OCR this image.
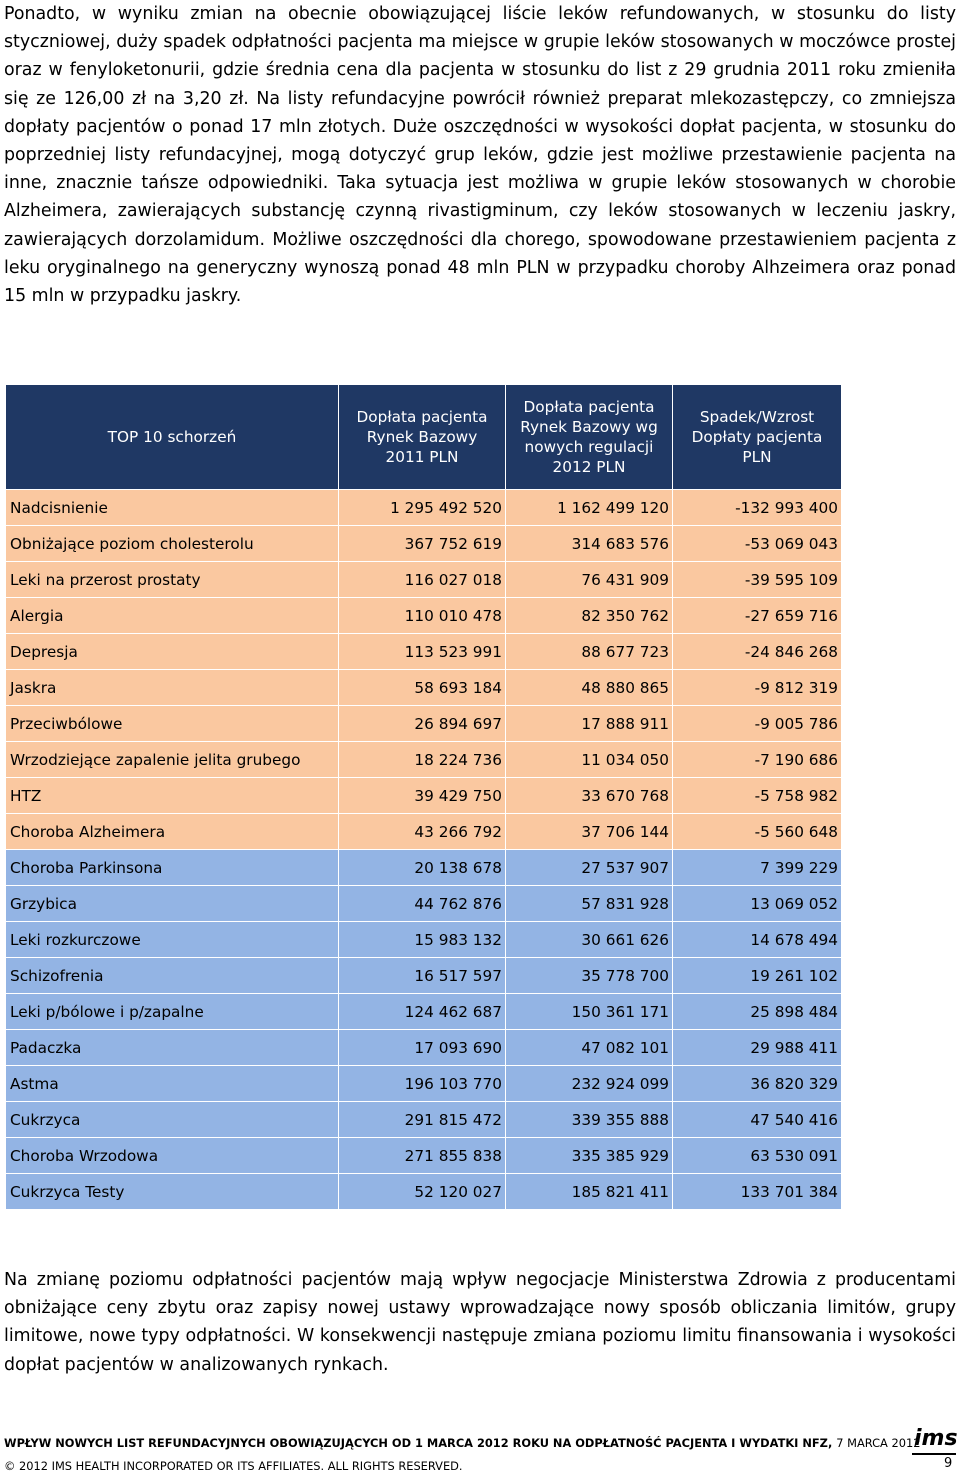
Ponadto, w wyniku zmian na obecnie obowiązującej liście leków refundowanych, w stosunku do listy styczniowej, duży spadek odpłatności pacjenta ma miejsce w grupie leków stosowanych w moczówce prostej oraz w fenyloketonurii, gdzie średnia cena dla pacjenta w stosunku do list z 29 grudnia 2011 roku zmieniła się ze 126,00 zł na 3,20 zł. Na listy refundacyjne powrócił również preparat mlekozastępczy, co zmniejsza dopłaty pacjentów o ponad 17 mln złotych. Duże oszczędności w wysokości dopłat pacjenta, w stosunku do poprzedniej listy refundacyjnej, mogą dotyczyć grup leków, gdzie jest możliwe przestawienie pacjenta na inne, znacznie tańsze odpowiedniki. Taka sytuacja jest możliwa w grupie leków stosowanych w chorobie Alzheimera, zawierających substancję czynną rivastigminum, czy leków stosowanych w leczeniu jaskry, zawierających dorzolamidum. Możliwe oszczędności dla chorego, spowodowane przestawieniem pacjenta z leku oryginalnego na generyczny wynoszą ponad 48 mln PLN w przypadku choroby Alhzeimera oraz ponad 15 mln w przypadku jaskry.

TOP 10 schorzeń	Dopłata pacjenta Rynek Bazowy 2011 PLN	Dopłata pacjenta Rynek Bazowy wg nowych regulacji 2012 PLN	Spadek/Wzrost Dopłaty pacjenta PLN
Nadcisnienie	1 295 492 520	1 162 499 120	-132 993 400
Obniżające poziom cholesterolu	367 752 619	314 683 576	-53 069 043
Leki na przerost prostaty	116 027 018	76 431 909	-39 595 109
Alergia	110 010 478	82 350 762	-27 659 716
Depresja	113 523 991	88 677 723	-24 846 268
Jaskra	58 693 184	48 880 865	-9 812 319
Przeciwbólowe	26 894 697	17 888 911	-9 005 786
Wrzodziejące zapalenie jelita grubego	18 224 736	11 034 050	-7 190 686
HTZ	39 429 750	33 670 768	-5 758 982
Choroba Alzheimera	43 266 792	37 706 144	-5 560 648
Choroba Parkinsona	20 138 678	27 537 907	7 399 229
Grzybica	44 762 876	57 831 928	13 069 052
Leki rozkurczowe	15 983 132	30 661 626	14 678 494
Schizofrenia	16 517 597	35 778 700	19 261 102
Leki p/bólowe i p/zapalne	124 462 687	150 361 171	25 898 484
Padaczka	17 093 690	47 082 101	29 988 411
Astma	196 103 770	232 924 099	36 820 329
Cukrzyca	291 815 472	339 355 888	47 540 416
Choroba Wrzodowa	271 855 838	335 385 929	63 530 091
Cukrzyca Testy	52 120 027	185 821 411	133 701 384

Na zmianę poziomu odpłatności pacjentów mają wpływ negocjacje Ministerstwa Zdrowia z producentami obniżające ceny zbytu oraz zapisy nowej ustawy wprowadzające nowy sposób obliczania limitów, grupy limitowe, nowe typy odpłatności. W konsekwencji następuje zmiana poziomu limitu finansowania i wysokości dopłat pacjentów w analizowanych rynkach.

WPŁYW NOWYCH LIST REFUNDACYJNYCH OBOWIĄZUJĄCYCH OD 1 MARCA 2012 ROKU NA ODPŁATNOŚĆ PACJENTA I WYDATKI NFZ, 7 MARCA 2012
© 2012 IMS HEALTH INCORPORATED OR ITS AFFILIATES. ALL RIGHTS RESERVED.
ims
9
